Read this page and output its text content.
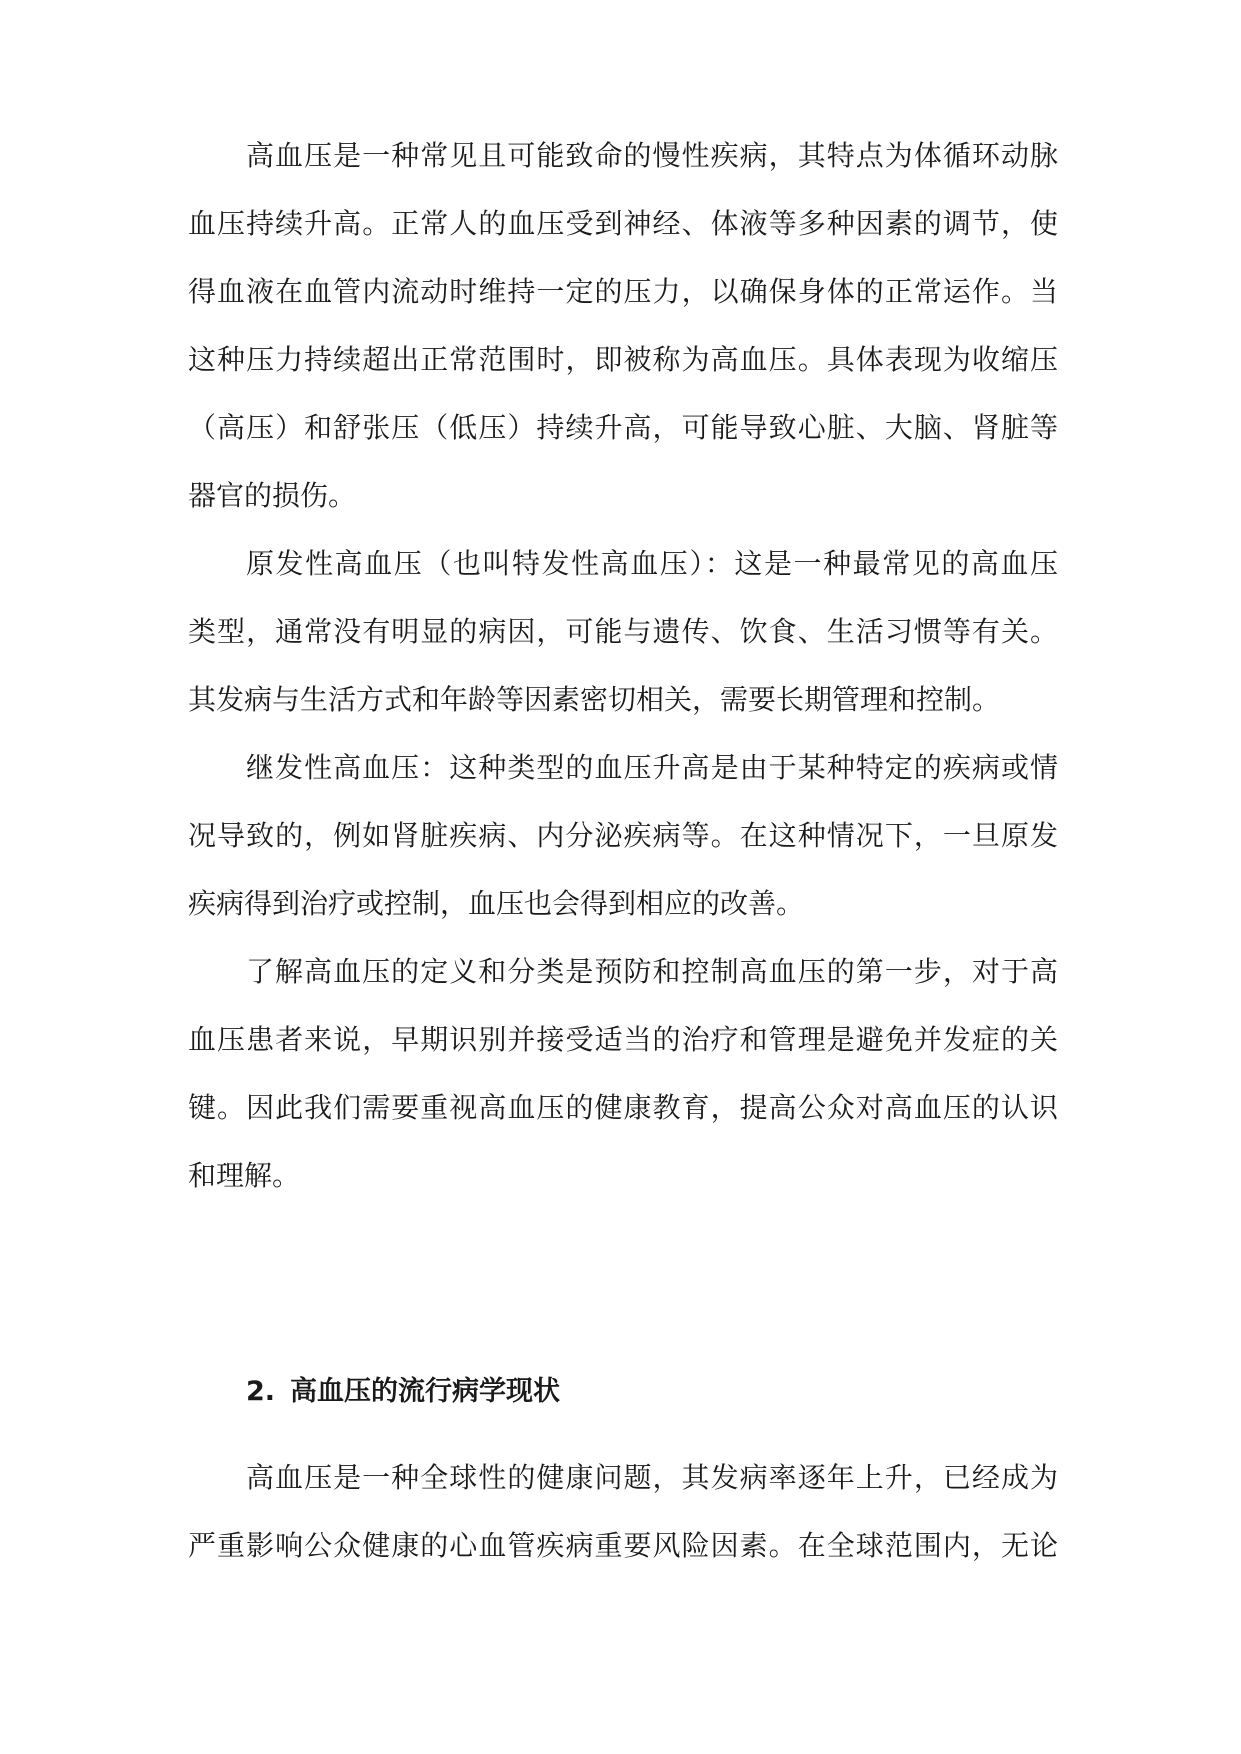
高血压是一种常见且可能致命的慢性疾病，其特点为体循环动脉

血压持续升高。正常人的血压受到神经、体液等多种因素的调节，使

得血液在血管内流动时维持一定的压力，以确保身体的正常运作。当

这种压力持续超出正常范围时，即被称为高血压。具体表现为收缩压

（高压）和舒张压（低压）持续升高，可能导致心脏、大脑、肾脏等

器官的损伤。

原发性高血压（也叫特发性高血压）：这是一种最常见的高血压

类型，通常没有明显的病因，可能与遗传、饮食、生活习惯等有关。

其发病与生活方式和年龄等因素密切相关，需要长期管理和控制。

继发性高血压：这种类型的血压升高是由于某种特定的疾病或情

况导致的，例如肾脏疾病、内分泌疾病等。在这种情况下，一旦原发

疾病得到治疗或控制，血压也会得到相应的改善。

了解高血压的定义和分类是预防和控制高血压的第一步，对于高

血压患者来说，早期识别并接受适当的治疗和管理是避免并发症的关

键。因此我们需要重视高血压的健康教育，提高公众对高血压的认识

和理解。

2. 高血压的流行病学现状

高血压是一种全球性的健康问题，其发病率逐年上升，已经成为

严重影响公众健康的心血管疾病重要风险因素。在全球范围内，无论
